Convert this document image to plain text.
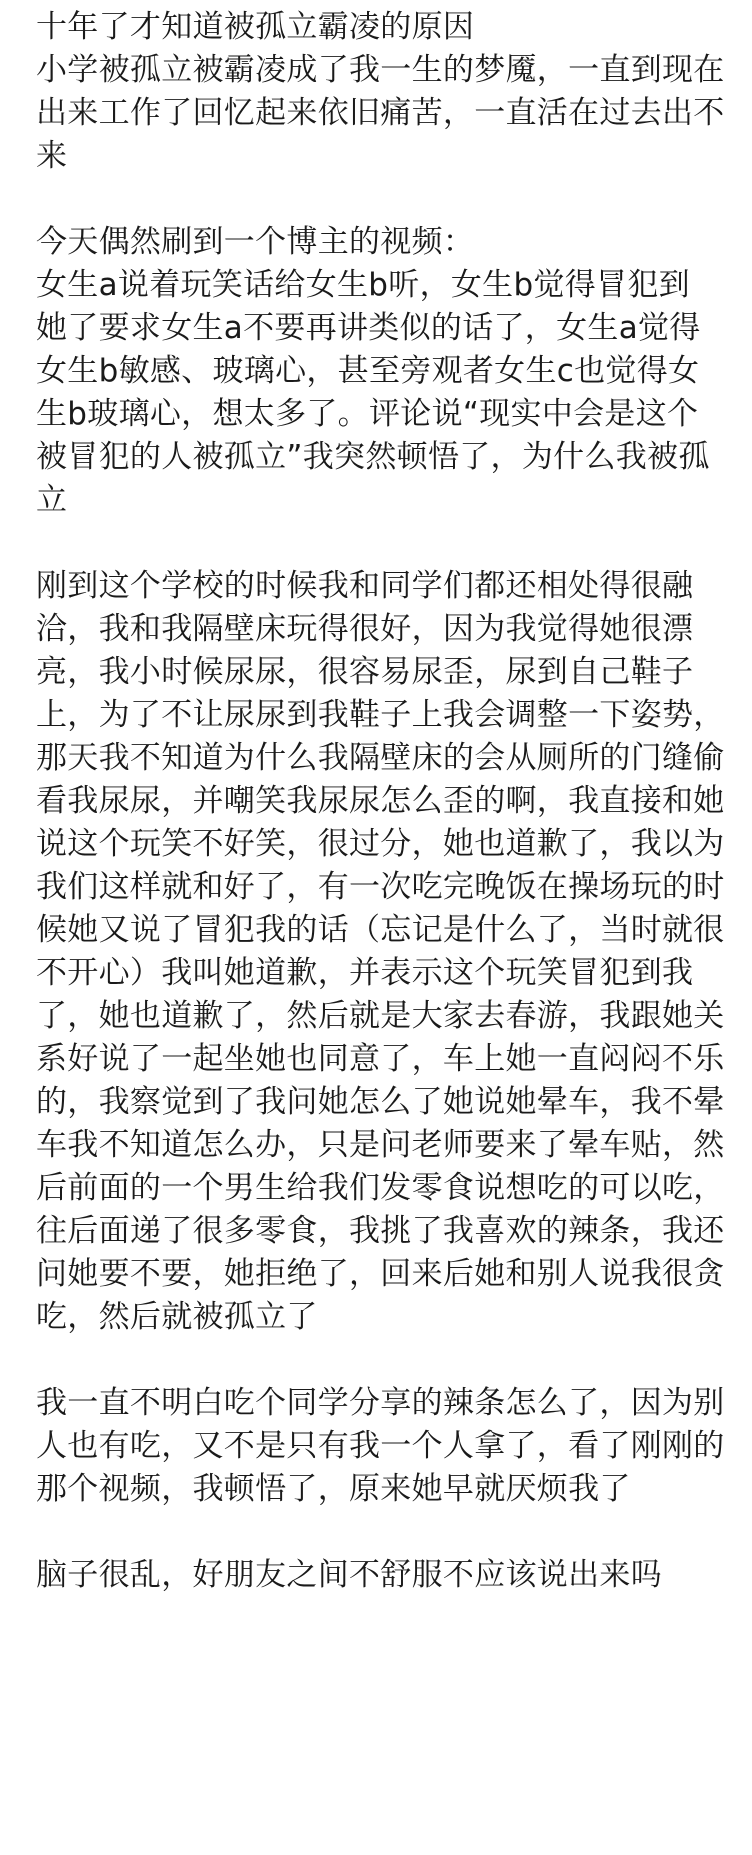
十年了才知道被孤立霸凌的原因
小学被孤立被霸凌成了我一生的梦魇，一直到现在
出来工作了回忆起来依旧痛苦，一直活在过去出不
来
今天偶然刷到一个博主的视频：
女生a说着玩笑话给女生b听，女生b觉得冒犯到
她了要求女生a不要再讲类似的话了，女生a觉得
女生b敏感、玻璃心，甚至旁观者女生c也觉得女
生b玻璃心，想太多了。评论说“现实中会是这个
被冒犯的人被孤立”我突然顿悟了，为什么我被孤
立
刚到这个学校的时候我和同学们都还相处得很融
洽，我和我隔壁床玩得很好，因为我觉得她很漂
亮，我小时候尿尿，很容易尿歪，尿到自己鞋子
上，为了不让尿尿到我鞋子上我会调整一下姿势，
那天我不知道为什么我隔壁床的会从厕所的门缝偷
看我尿尿，并嘲笑我尿尿怎么歪的啊，我直接和她
说这个玩笑不好笑，很过分，她也道歉了，我以为
我们这样就和好了，有一次吃完晚饭在操场玩的时
候她又说了冒犯我的话（忘记是什么了，当时就很
不开心）我叫她道歉，并表示这个玩笑冒犯到我
了，她也道歉了，然后就是大家去春游，我跟她关
系好说了一起坐她也同意了，车上她一直闷闷不乐
的，我察觉到了我问她怎么了她说她晕车，我不晕
车我不知道怎么办，只是问老师要来了晕车贴，然
后前面的一个男生给我们发零食说想吃的可以吃，
往后面递了很多零食，我挑了我喜欢的辣条，我还
问她要不要，她拒绝了，回来后她和别人说我很贪
吃，然后就被孤立了
我一直不明白吃个同学分享的辣条怎么了，因为别
人也有吃，又不是只有我一个人拿了，看了刚刚的
那个视频，我顿悟了，原来她早就厌烦我了
脑子很乱，好朋友之间不舒服不应该说出来吗
